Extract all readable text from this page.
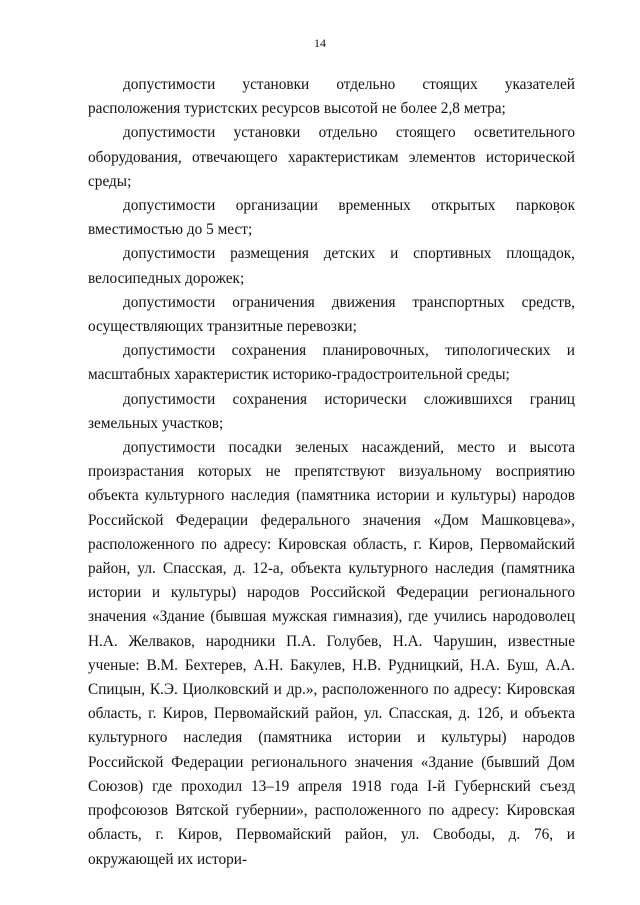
14

допустимости установки отдельно стоящих указателей расположения туристских ресурсов высотой не более 2,8 метра;

допустимости установки отдельно стоящего осветительного оборудования, отвечающего характеристикам элементов исторической среды;

допустимости организации временных открытых парковок вместимостью до 5 мест;

допустимости размещения детских и спортивных площадок, велосипедных дорожек;

допустимости ограничения движения транспортных средств, осуществляющих транзитные перевозки;

допустимости сохранения планировочных, типологических и масштабных характеристик историко-градостроительной среды;

допустимости сохранения исторически сложившихся границ земельных участков;

допустимости посадки зеленых насаждений, место и высота произрастания которых не препятствуют визуальному восприятию объекта культурного наследия (памятника истории и культуры) народов Российской Федерации федерального значения «Дом Машковцева», расположенного по адресу: Кировская область, г. Киров, Первомайский район, ул. Спасская, д. 12-а, объекта культурного наследия (памятника истории и культуры) народов Российской Федерации регионального значения «Здание (бывшая мужская гимназия), где учились народоволец Н.А. Желваков, народники П.А. Голубев, Н.А. Чарушин, известные ученые: В.М. Бехтерев, А.Н. Бакулев, Н.В. Рудницкий, Н.А. Буш, А.А. Спицын, К.Э. Циолковский и др.», расположенного по адресу: Кировская область, г. Киров, Первомайский район, ул. Спасская, д. 12б, и объекта культурного наследия (памятника истории и культуры) народов Российской Федерации регионального значения «Здание (бывший Дом Союзов) где проходил 13–19 апреля 1918 года I-й Губернский съезд профсоюзов Вятской губернии», расположенного по адресу: Кировская область, г. Киров, Первомайский район, ул. Свободы, д. 76, и окружающей их истори-
